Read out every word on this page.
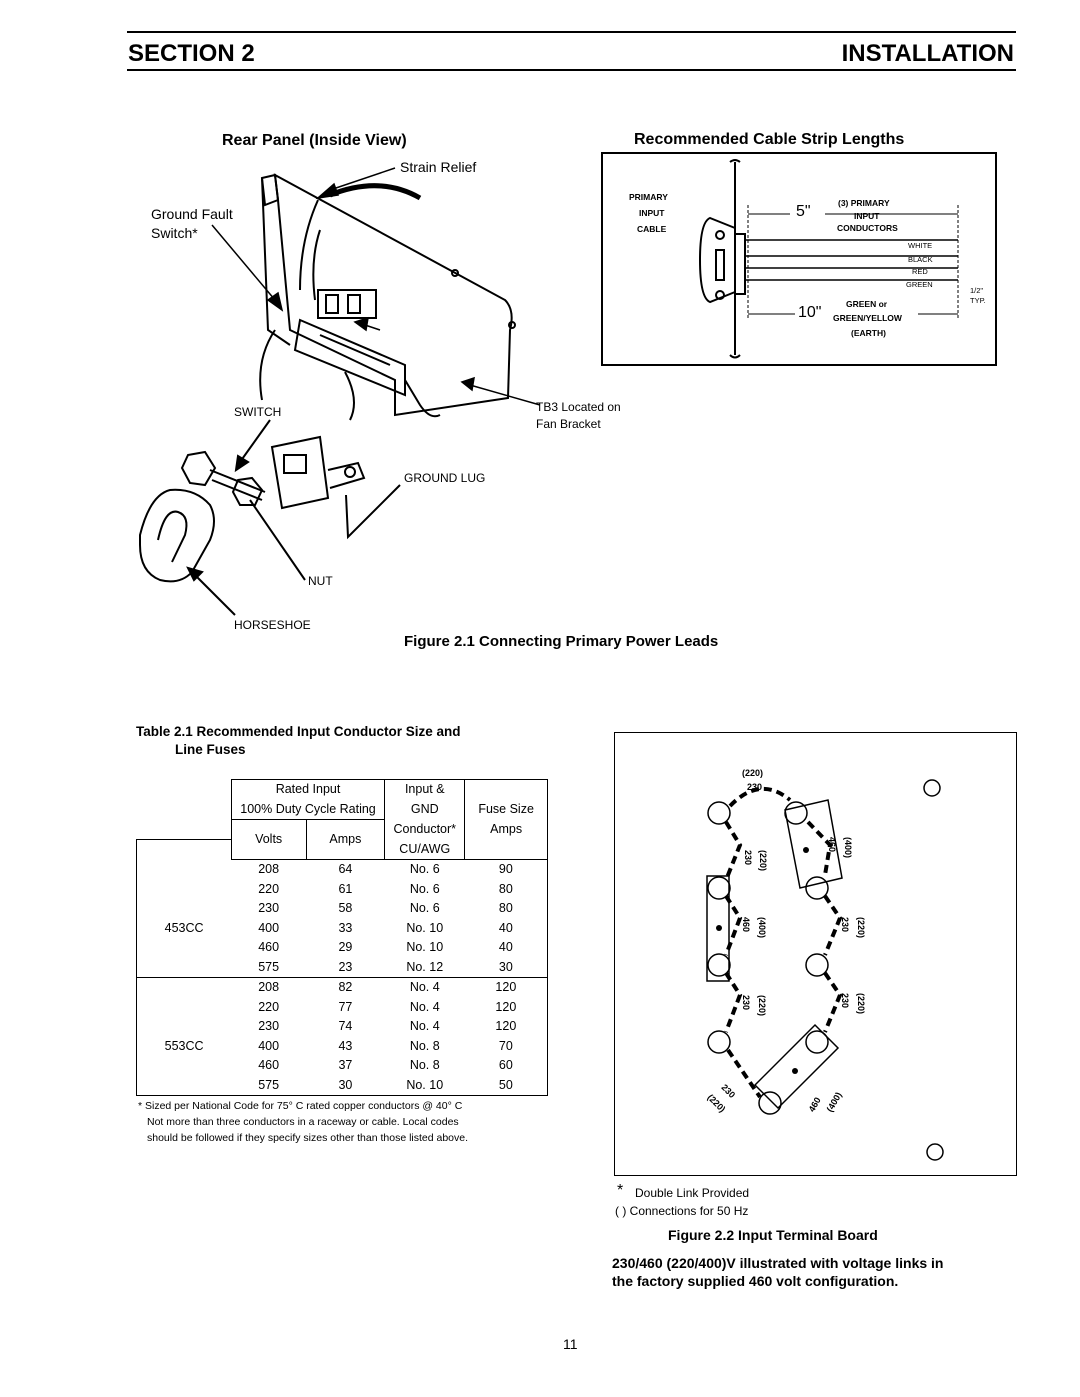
SECTION 2	INSTALLATION
Rear Panel (Inside View)
Strain Relief
Ground Fault
Switch*
SWITCH	TB3 Located on
Fan Bracket
GROUND LUG
NUT
HORSESHOE
Recommended Cable Strip Lengths
PRIMARY
INPUT
CABLE
5"
10"
(3) PRIMARY
INPUT
CONDUCTORS
WHITE
BLACK
RED
GREEN
1/2"
TYP.
GREEN or
GREEN/YELLOW
(EARTH)
Figure 2.1 Connecting Primary Power Leads
Table 2.1 Recommended Input Conductor Size and
Line Fuses
	Rated Input		Input &	
	100% Duty Cycle Rating		GND	Fuse Size
	Volts	Amps	Conductor*	Amps
			CU/AWG	
	208	64	No. 6	90
	220	61	No. 6	80
	230	58	No. 6	80
453CC	400	33	No. 10	40
	460	29	No. 10	40
	575	23	No. 12	30
	208	82	No. 4	120
	220	77	No. 4	120
	230	74	No. 4	120
553CC	400	43	No. 8	70
	460	37	No. 8	60
	575	30	No. 10	50
* Sized per National Code for 75° C rated copper conductors @ 40° C
Not more than three conductors in a raceway or cable. Local codes
should be followed if they specify sizes other than those listed above.
(220)
230
230 (220)
460 (400)
460 (400)	230 (220)
230 (220)	230 (220)
230
(220)	460 (400)
* Double Link Provided
( ) Connections for 50 Hz
Figure 2.2 Input Terminal Board
230/460 (220/400)V illustrated with voltage links in
the factory supplied 460 volt configuration.
11
